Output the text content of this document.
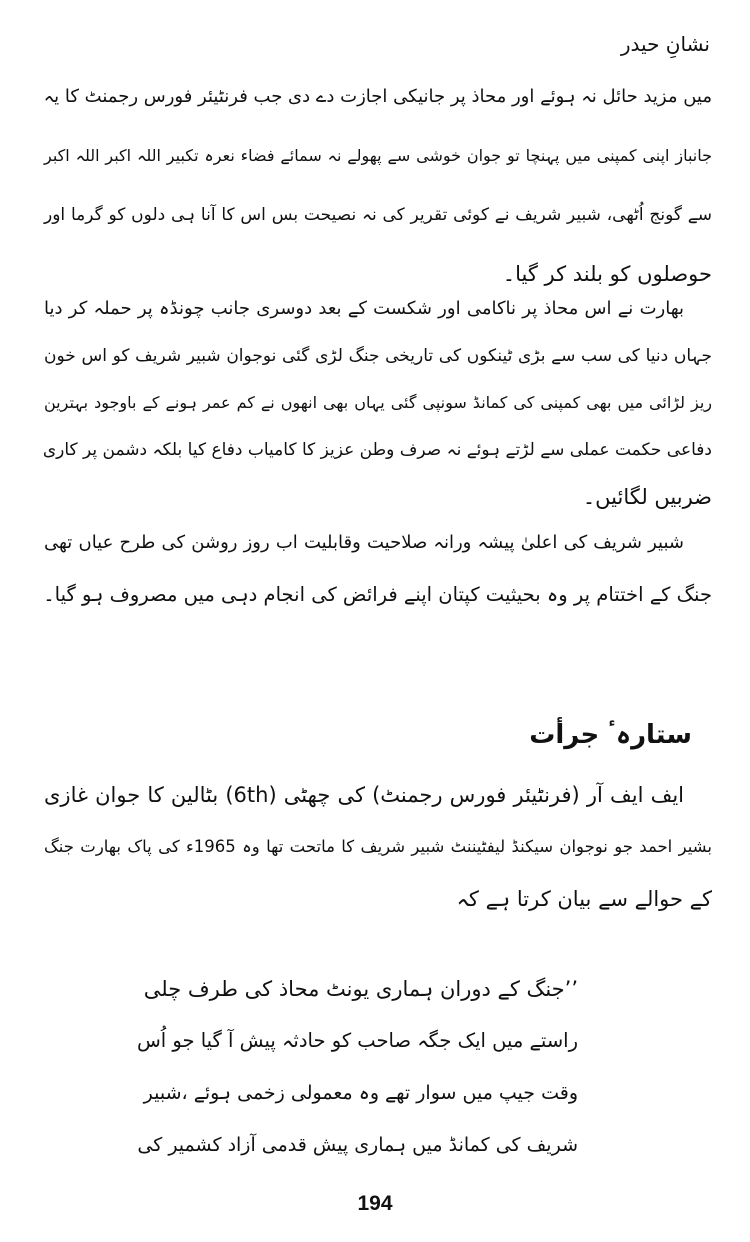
نشانِ حیدر
میں مزید حائل نہ ہوئے اور محاذ پر جانیکی اجازت دے دی جب فرنٹیئر فورس رجمنٹ کا یہ
جانباز اپنی کمپنی میں پہنچا تو جوان خوشی سے پھولے نہ سمائے فضاء نعرہ تکبیر اللہ اکبر اللہ اکبر
سے گونج اُٹھی، شبیر شریف نے کوئی تقریر کی نہ نصیحت بس اس کا آنا ہی دلوں کو گرما اور
حوصلوں کو بلند کر گیا۔
بھارت نے اس محاذ پر ناکامی اور شکست کے بعد دوسری جانب چونڈہ پر حملہ کر دیا
جہاں دنیا کی سب سے بڑی ٹینکوں کی تاریخی جنگ لڑی گئی نوجوان شبیر شریف کو اس خون
ریز لڑائی میں بھی کمپنی کی کمانڈ سونپی گئی یہاں بھی انھوں نے کم عمر ہونے کے باوجود بہترین
دفاعی حکمت عملی سے لڑتے ہوئے نہ صرف وطن عزیز کا کامیاب دفاع کیا بلکہ دشمن پر کاری
ضربیں لگائیں۔
شبیر شریف کی اعلیٰ پیشہ ورانہ صلاحیت وقابلیت اب روز روشن کی طرح عیاں تھی
جنگ کے اختتام پر وہ بحیثیت کپتان اپنے فرائض کی انجام دہی میں مصروف ہو گیا۔
ستارہٴ جرأت
ایف ایف آر (فرنٹیئر فورس رجمنٹ) کی چھٹی (6th) بٹالین کا جوان غازی
بشیر احمد جو نوجوان سیکنڈ لیفٹیننٹ شبیر شریف کا ماتحت تھا وہ 1965ء کی پاک بھارت جنگ
کے حوالے سے بیان کرتا ہے کہ
’’جنگ کے دوران ہماری یونٹ محاذ کی طرف چلی
راستے میں ایک جگہ صاحب کو حادثہ پیش آ گیا جو اُس
وقت جیپ میں سوار تھے وہ معمولی زخمی ہوئے ،شبیر
شریف کی کمانڈ میں ہماری پیش قدمی آزاد کشمیر کی
194
